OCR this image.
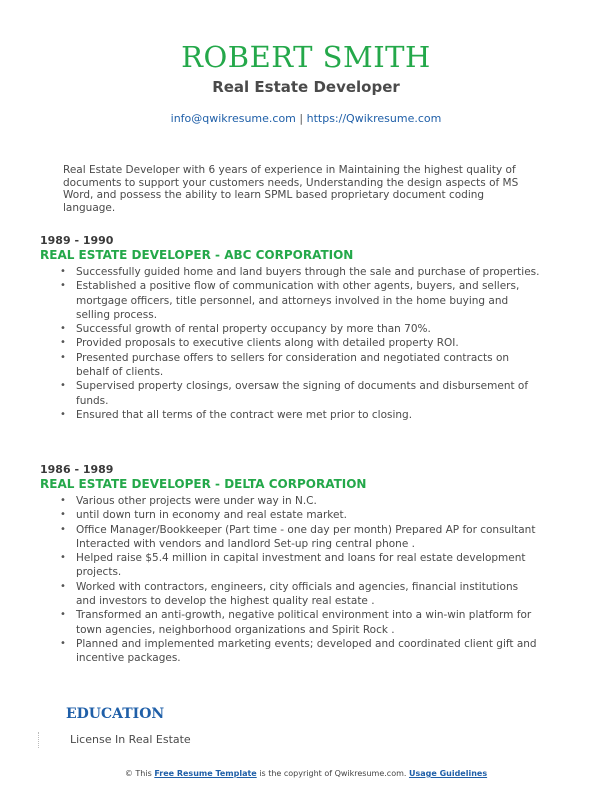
ROBERT SMITH
Real Estate Developer
info@qwikresume.com | https://Qwikresume.com
Real Estate Developer with 6 years of experience in Maintaining the highest quality of documents to support your customers needs, Understanding the design aspects of MS Word, and possess the ability to learn SPML based proprietary document coding language.
1989 - 1990
REAL ESTATE DEVELOPER - ABC CORPORATION
• Successfully guided home and land buyers through the sale and purchase of properties.
• Established a positive flow of communication with other agents, buyers, and sellers, mortgage officers, title personnel, and attorneys involved in the home buying and selling process.
• Successful growth of rental property occupancy by more than 70%.
• Provided proposals to executive clients along with detailed property ROI.
• Presented purchase offers to sellers for consideration and negotiated contracts on behalf of clients.
• Supervised property closings, oversaw the signing of documents and disbursement of funds.
• Ensured that all terms of the contract were met prior to closing.
1986 - 1989
REAL ESTATE DEVELOPER - DELTA CORPORATION
• Various other projects were under way in N.C.
• until down turn in economy and real estate market.
• Office Manager/Bookkeeper (Part time - one day per month) Prepared AP for consultant Interacted with vendors and landlord Set-up ring central phone .
• Helped raise $5.4 million in capital investment and loans for real estate development projects.
• Worked with contractors, engineers, city officials and agencies, financial institutions and investors to develop the highest quality real estate .
• Transformed an anti-growth, negative political environment into a win-win platform for town agencies, neighborhood organizations and Spirit Rock .
• Planned and implemented marketing events; developed and coordinated client gift and incentive packages.
EDUCATION
License In Real Estate
© This Free Resume Template is the copyright of Qwikresume.com. Usage Guidelines
